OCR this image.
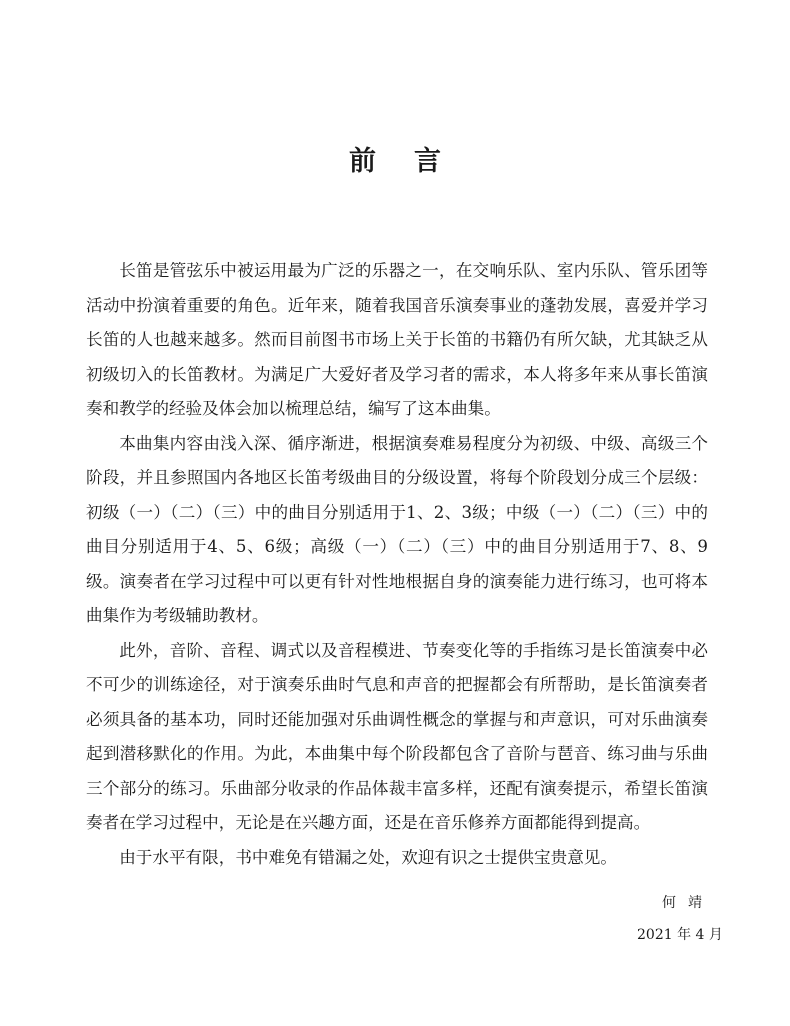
前言

长笛是管弦乐中被运用最为广泛的乐器之一，在交响乐队、室内乐队、管乐团等活动中扮演着重要的角色。近年来，随着我国音乐演奏事业的蓬勃发展，喜爱并学习长笛的人也越来越多。然而目前图书市场上关于长笛的书籍仍有所欠缺，尤其缺乏从初级切入的长笛教材。为满足广大爱好者及学习者的需求，本人将多年来从事长笛演奏和教学的经验及体会加以梳理总结，编写了这本曲集。

本曲集内容由浅入深、循序渐进，根据演奏难易程度分为初级、中级、高级三个阶段，并且参照国内各地区长笛考级曲目的分级设置，将每个阶段划分成三个层级：初级（一）（二）（三）中的曲目分别适用于1、2、3级；中级（一）（二）（三）中的曲目分别适用于4、5、6级；高级（一）（二）（三）中的曲目分别适用于7、8、9级。演奏者在学习过程中可以更有针对性地根据自身的演奏能力进行练习，也可将本曲集作为考级辅助教材。

此外，音阶、音程、调式以及音程模进、节奏变化等的手指练习是长笛演奏中必不可少的训练途径，对于演奏乐曲时气息和声音的把握都会有所帮助，是长笛演奏者必须具备的基本功，同时还能加强对乐曲调性概念的掌握与和声意识，可对乐曲演奏起到潜移默化的作用。为此，本曲集中每个阶段都包含了音阶与琶音、练习曲与乐曲三个部分的练习。乐曲部分收录的作品体裁丰富多样，还配有演奏提示，希望长笛演奏者在学习过程中，无论是在兴趣方面，还是在音乐修养方面都能得到提高。

由于水平有限，书中难免有错漏之处，欢迎有识之士提供宝贵意见。

何靖
2021 年 4 月
